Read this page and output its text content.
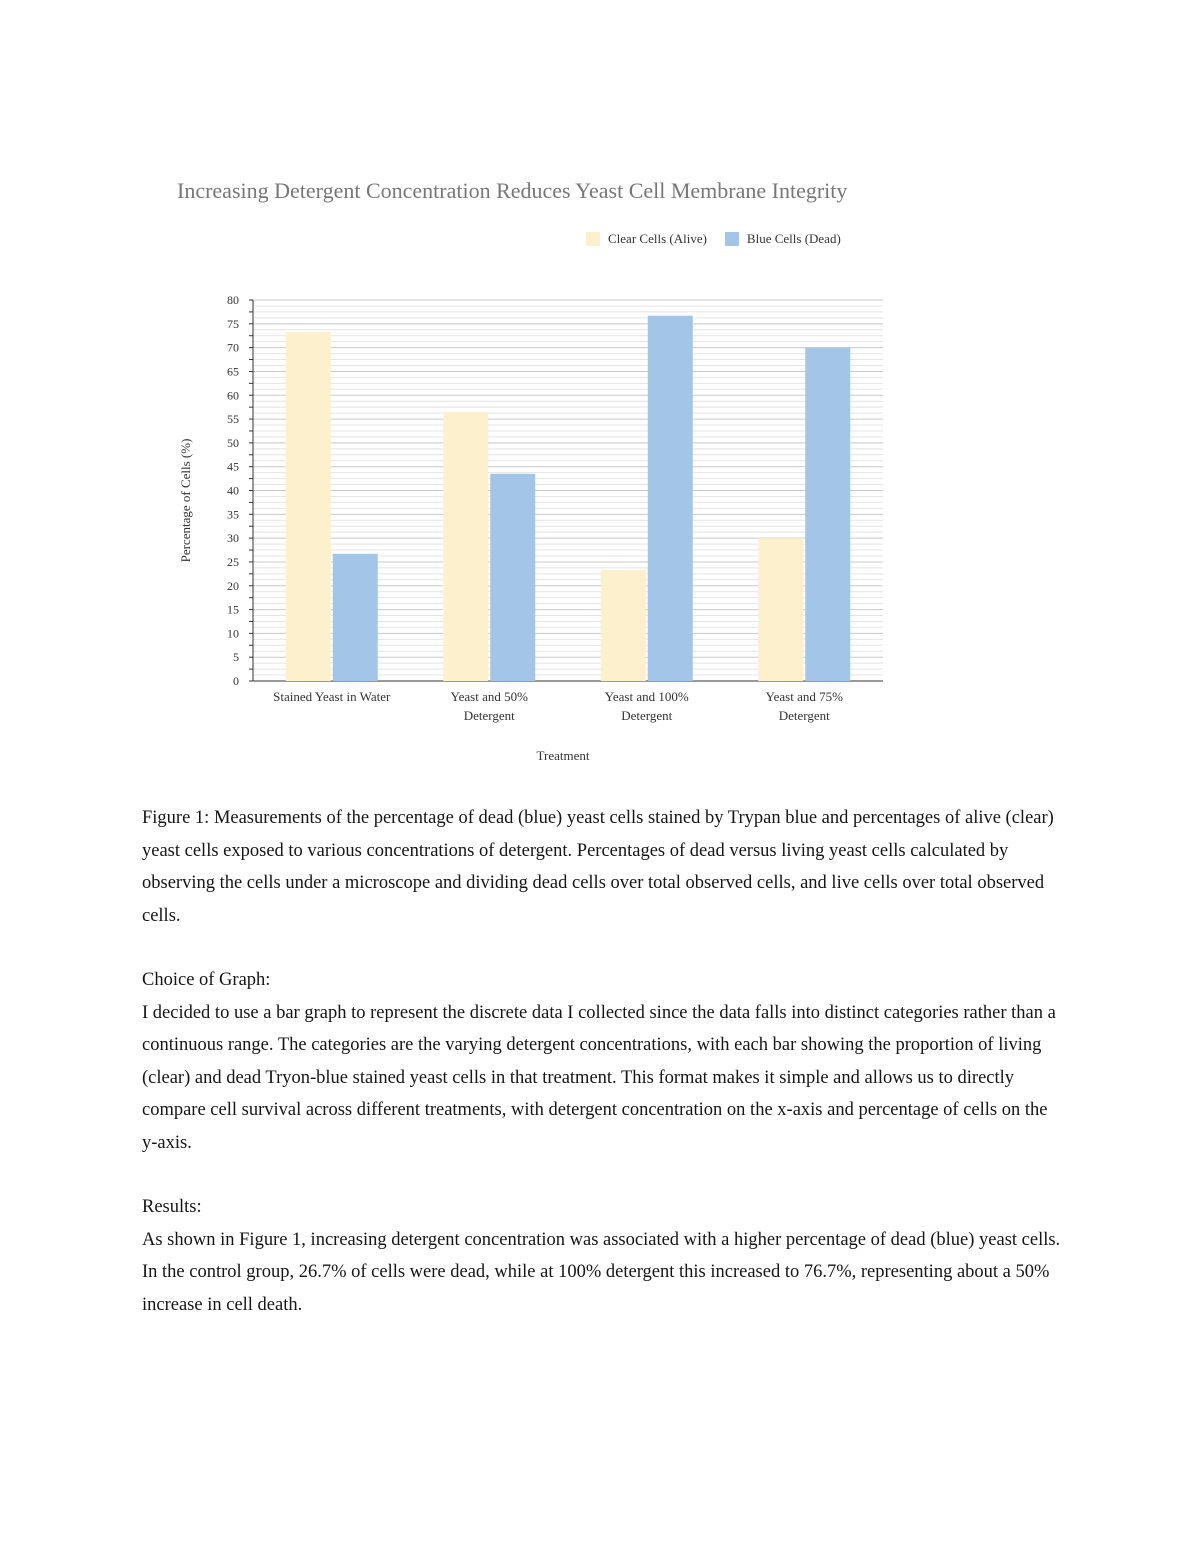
Increasing Detergent Concentration Reduces Yeast Cell Membrane Integrity
Clear Cells (Alive)	Blue Cells (Dead)
0
5
10
15
20
25
30
35
40
45
50
55
60
65
70
75
80
Stained Yeast in Water	Yeast and 50%
Detergent
Yeast and 100%
Detergent
Yeast and 75%
Detergent
Treatment
Percentage of Cells (%)

Figure 1: Measurements of the percentage of dead (blue) yeast cells stained by Trypan blue and percentages of alive (clear) yeast cells exposed to various concentrations of detergent. Percentages of dead versus living yeast cells calculated by observing the cells under a microscope and dividing dead cells over total observed cells, and live cells over total observed cells.

Choice of Graph:

I decided to use a bar graph to represent the discrete data I collected since the data falls into distinct categories rather than a continuous range. The categories are the varying detergent concentrations, with each bar showing the proportion of living (clear) and dead Tryon-blue stained yeast cells in that treatment. This format makes it simple and allows us to directly compare cell survival across different treatments, with detergent concentration on the x-axis and percentage of cells on the y-axis.

Results:

As shown in Figure 1, increasing detergent concentration was associated with a higher percentage of dead (blue) yeast cells. In the control group, 26.7% of cells were dead, while at 100% detergent this increased to 76.7%, representing about a 50% increase in cell death.
